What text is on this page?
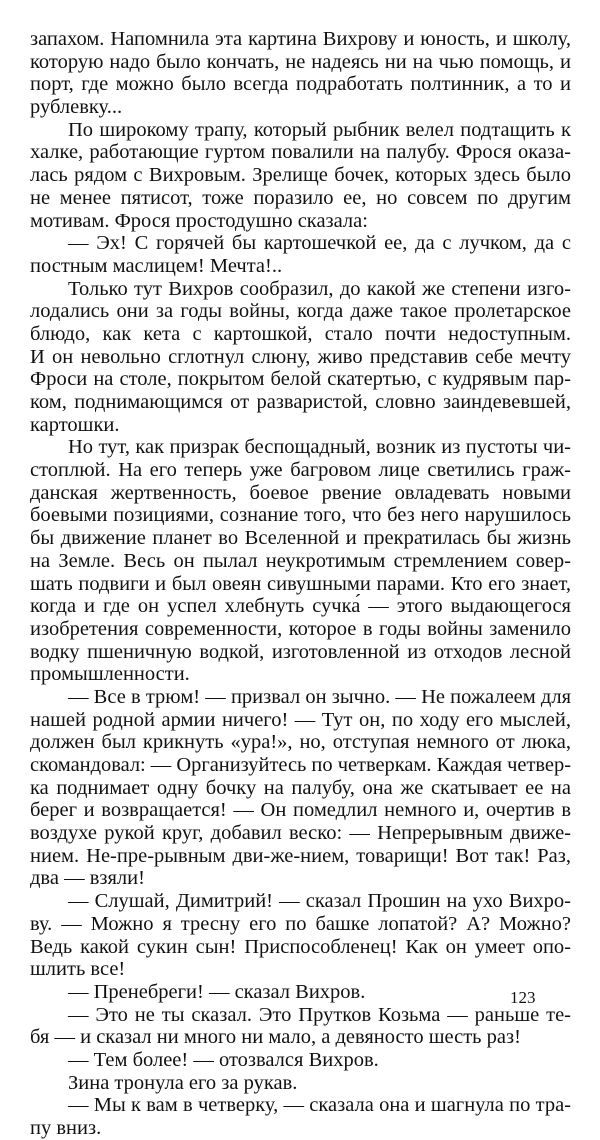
запахом. Напомнила эта картина Вихрову и юность, и школу,
которую надо было кончать, не надеясь ни на чью помощь, и
порт, где можно было всегда подработать полтинник, а то и
рублевку...
По широкому трапу, который рыбник велел подтащить к
халке, работающие гуртом повалили на палубу. Фрося оказа-
лась рядом с Вихровым. Зрелище бочек, которых здесь было
не менее пятисот, тоже поразило ее, но совсем по другим
мотивам. Фрося простодушно сказала:
— Эх! С горячей бы картошечкой ее, да с лучком, да с
постным маслицем! Мечта!..
Только тут Вихров сообразил, до какой же степени изго-
лодались они за годы войны, когда даже такое пролетарское
блюдо, как кета с картошкой, стало почти недоступным.
И он невольно сглотнул слюну, живо представив себе мечту
Фроси на столе, покрытом белой скатертью, с кудрявым пар-
ком, поднимающимся от разваристой, словно заиндевевшей,
картошки.
Но тут, как призрак беспощадный, возник из пустоты чи-
стоплюй. На его теперь уже багровом лице светились граж-
данская жертвенность, боевое рвение овладевать новыми
боевыми позициями, сознание того, что без него нарушилось
бы движение планет во Вселенной и прекратилась бы жизнь
на Земле. Весь он пылал неукротимым стремлением совер-
шать подвиги и был овеян сивушными парами. Кто его знает,
когда и где он успел хлебнуть сучка́ — этого выдающегося
изобретения современности, которое в годы войны заменило
водку пшеничную водкой, изготовленной из отходов лесной
промышленности.
— Все в трюм! — призвал он зычно. — Не пожалеем для
нашей родной армии ничего! — Тут он, по ходу его мыслей,
должен был крикнуть «ура!», но, отступая немного от люка,
скомандовал: — Организуйтесь по четверкам. Каждая четвер-
ка поднимает одну бочку на палубу, она же скатывает ее на
берег и возвращается! — Он помедлил немного и, очертив в
воздухе рукой круг, добавил веско: — Непрерывным движе-
нием. Не-пре-рывным дви-же-нием, товарищи! Вот так! Раз,
два — взяли!
— Слушай, Димитрий! — сказал Прошин на ухо Вихро-
ву. — Можно я тресну его по башке лопатой? А? Можно?
Ведь какой сукин сын! Приспособленец! Как он умеет опо-
шлить все!
— Пренебреги! — сказал Вихров.
— Это не ты сказал. Это Прутков Козьма — раньше те-
бя — и сказал ни много ни мало, а девяносто шесть раз!
— Тем более! — отозвался Вихров.
Зина тронула его за рукав.
— Мы к вам в четверку, — сказала она и шагнула по тра-
пу вниз.
123
